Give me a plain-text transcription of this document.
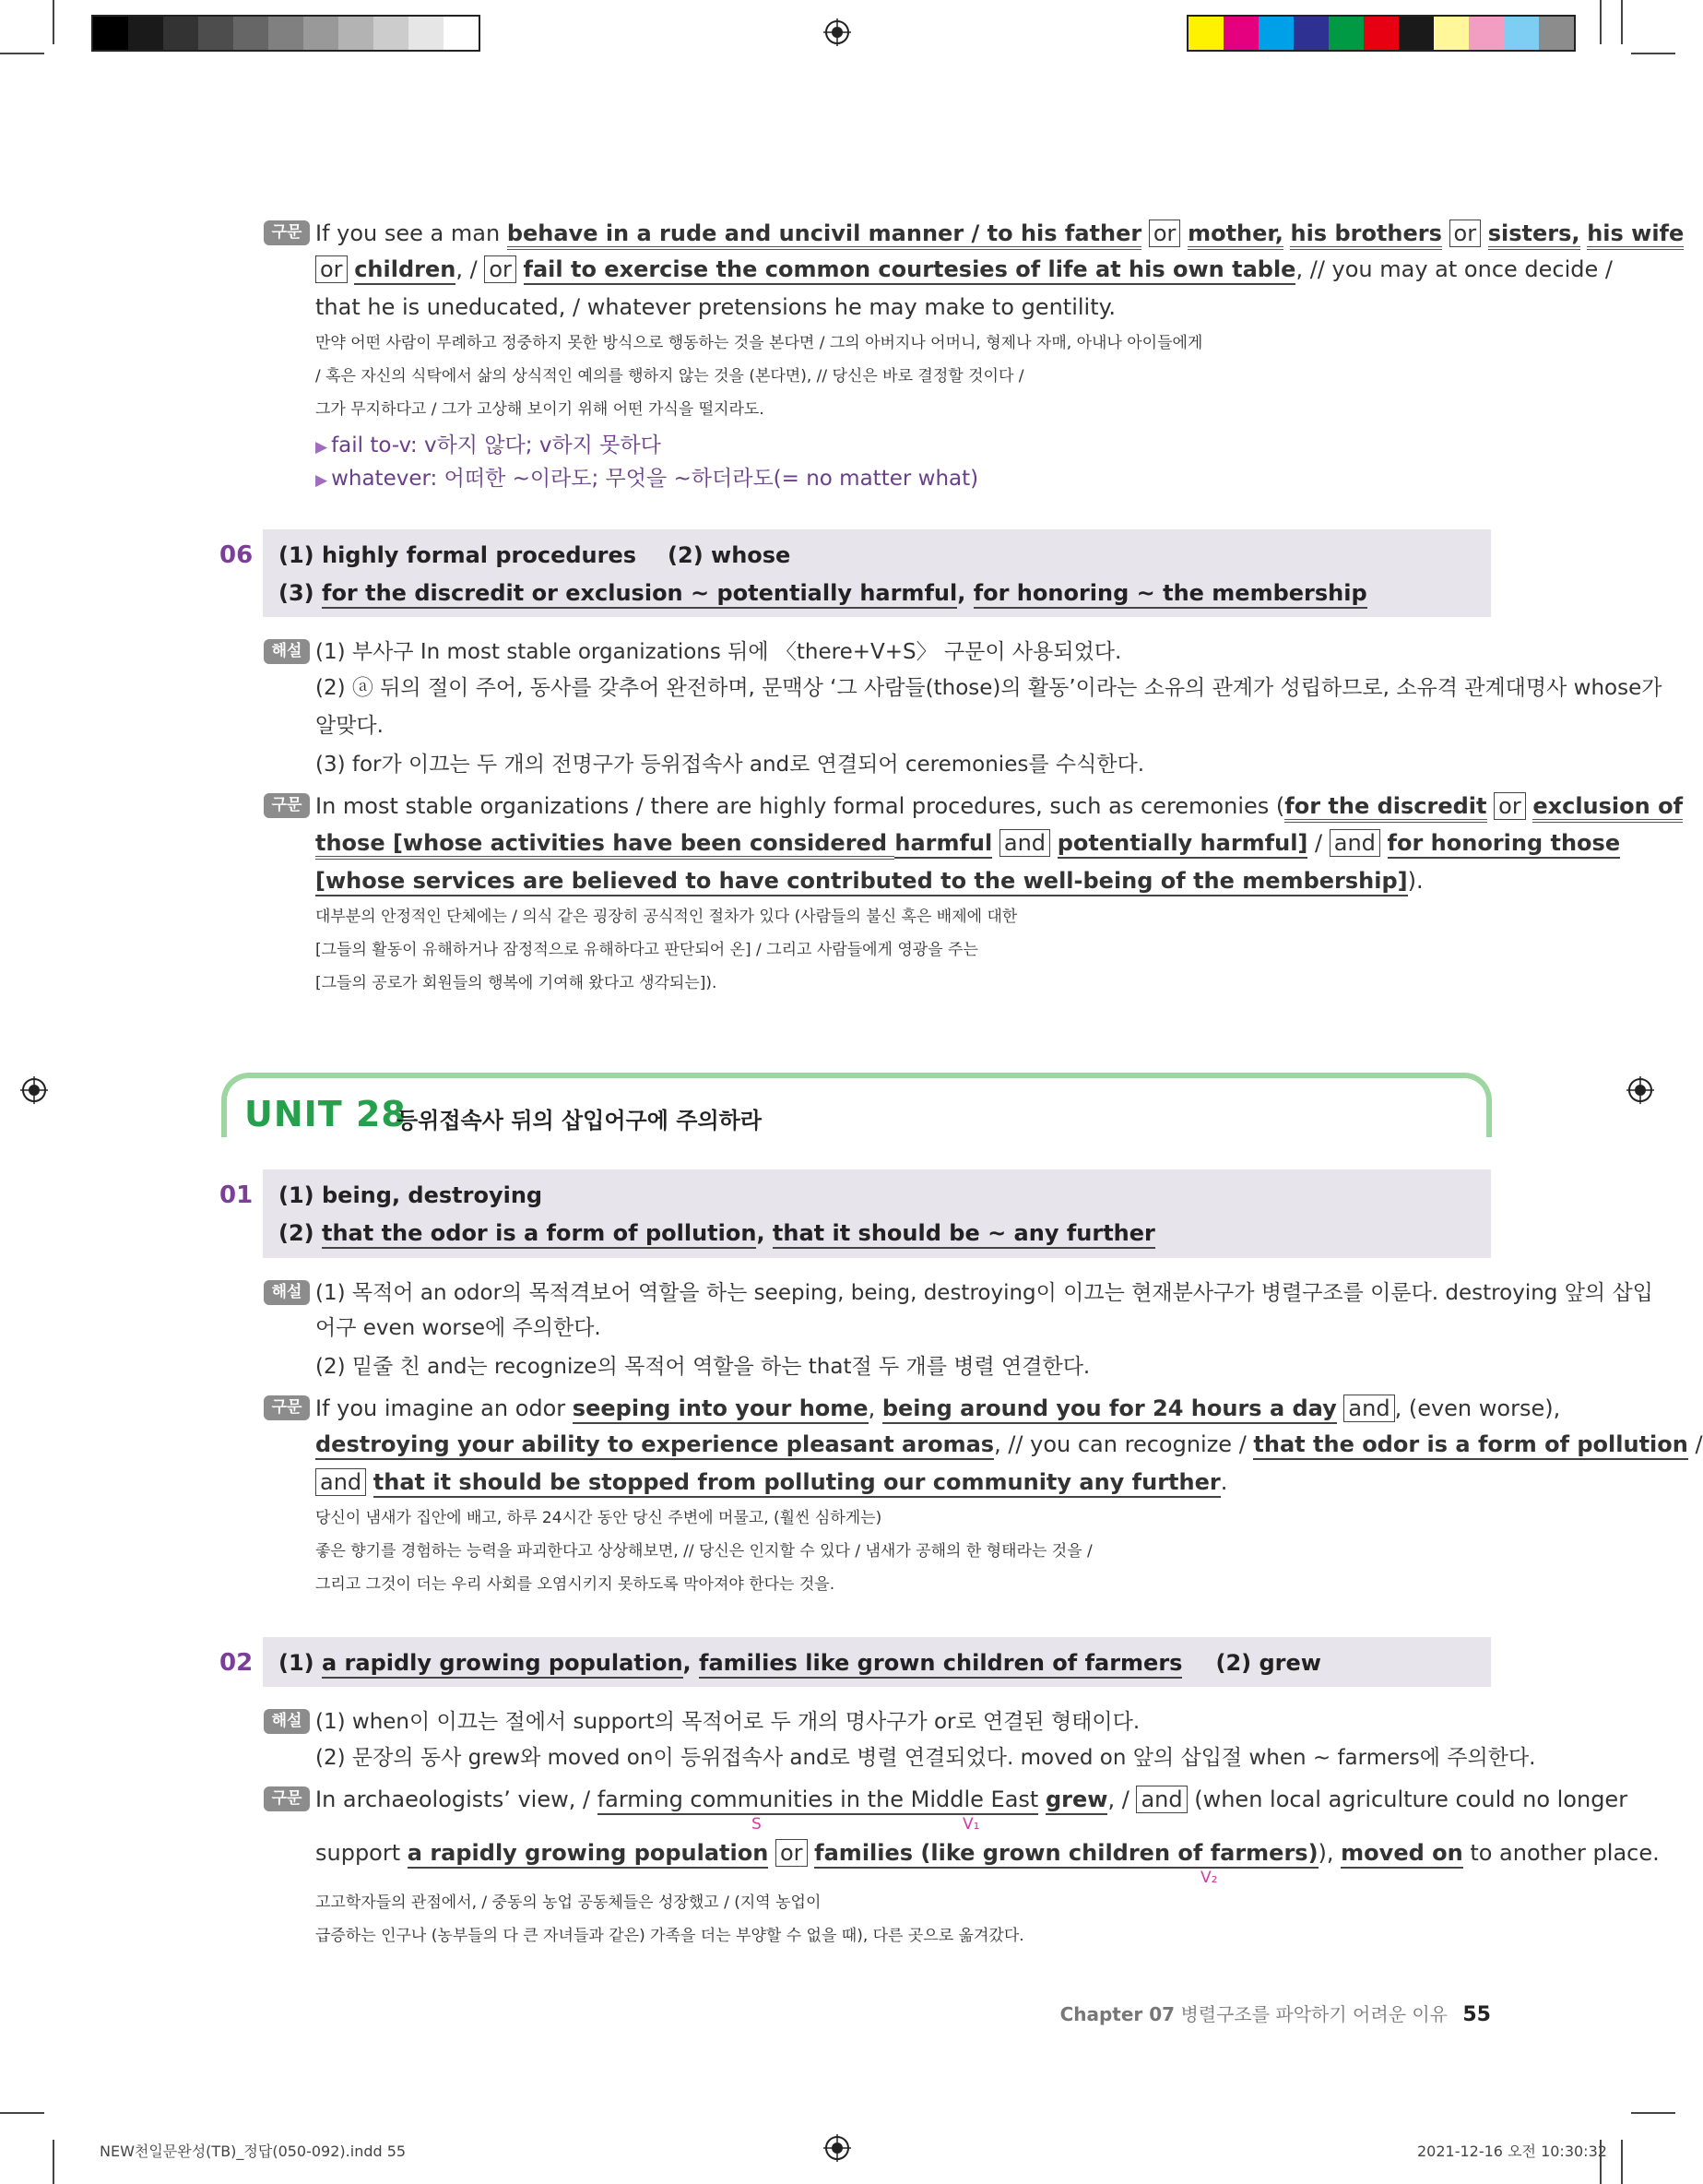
구문 If you see a man behave in a rude and uncivil manner / to his father or mother, his brothers or sisters, his wife
or children, / or fail to exercise the common courtesies of life at his own table, // you may at once decide /
that he is uneducated, / whatever pretensions he may make to gentility.
만약 어떤 사람이 무례하고 정중하지 못한 방식으로 행동하는 것을 본다면 / 그의 아버지나 어머니, 형제나 자매, 아내나 아이들에게
/ 혹은 자신의 식탁에서 삶의 상식적인 예의를 행하지 않는 것을 (본다면), // 당신은 바로 결정할 것이다 /
그가 무지하다고 / 그가 고상해 보이기 위해 어떤 가식을 떨지라도.
▶ fail to-v: v하지 않다; v하지 못하다
▶ whatever: 어떠한 ~이라도; 무엇을 ~하더라도(= no matter what)
06 (1) highly formal procedures (2) whose
(3) for the discredit or exclusion ~ potentially harmful, for honoring ~ the membership
해설 (1) 부사구 In most stable organizations 뒤에 〈there+V+S〉 구문이 사용되었다.
(2) ⓐ 뒤의 절이 주어, 동사를 갖추어 완전하며, 문맥상 ‘그 사람들(those)의 활동’이라는 소유의 관계가 성립하므로, 소유격 관계대명사 whose가
알맞다.
(3) for가 이끄는 두 개의 전명구가 등위접속사 and로 연결되어 ceremonies를 수식한다.
구문 In most stable organizations / there are highly formal procedures, such as ceremonies (for the discredit or exclusion of
those [whose activities have been considered harmful and potentially harmful] / and for honoring those
[whose services are believed to have contributed to the well-being of the membership]).
대부분의 안정적인 단체에는 / 의식 같은 굉장히 공식적인 절차가 있다 (사람들의 불신 혹은 배제에 대한
[그들의 활동이 유해하거나 잠정적으로 유해하다고 판단되어 온] / 그리고 사람들에게 영광을 주는
[그들의 공로가 회원들의 행복에 기여해 왔다고 생각되는]).
UNIT 28
등위접속사 뒤의 삽입어구에 주의하라
01 (1) being, destroying
(2) that the odor is a form of pollution, that it should be ~ any further
해설 (1) 목적어 an odor의 목적격보어 역할을 하는 seeping, being, destroying이 이끄는 현재분사구가 병렬구조를 이룬다. destroying 앞의 삽입
어구 even worse에 주의한다.
(2) 밑줄 친 and는 recognize의 목적어 역할을 하는 that절 두 개를 병렬 연결한다.
구문 If you imagine an odor seeping into your home, being around you for 24 hours a day and , (even worse),
destroying your ability to experience pleasant aromas, // you can recognize / that the odor is a form of pollution /
and that it should be stopped from polluting our community any further.
당신이 냄새가 집안에 배고, 하루 24시간 동안 당신 주변에 머물고, (훨씬 심하게는)
좋은 향기를 경험하는 능력을 파괴한다고 상상해보면, // 당신은 인지할 수 있다 / 냄새가 공해의 한 형태라는 것을 /
그리고 그것이 더는 우리 사회를 오염시키지 못하도록 막아져야 한다는 것을.
02 (1) a rapidly growing population, families like grown children of farmers (2) grew
해설 (1) when이 이끄는 절에서 support의 목적어로 두 개의 명사구가 or로 연결된 형태이다.
(2) 문장의 동사 grew와 moved on이 등위접속사 and로 병렬 연결되었다. moved on 앞의 삽입절 when ~ farmers에 주의한다.
구문 In archaeologists’ view, / farming communities in the Middle East grew, / and (when local agriculture could no longer
S	V₁
support a rapidly growing population or families (like grown children of farmers)), moved on to another place.
V₂
고고학자들의 관점에서, / 중동의 농업 공동체들은 성장했고 / (지역 농업이
급증하는 인구나 (농부들의 다 큰 자녀들과 같은) 가족을 더는 부양할 수 없을 때), 다른 곳으로 옮겨갔다.
Chapter 07 병렬구조를 파악하기 어려운 이유 55
NEW천일문완성(TB)_정답(050-092).indd 55	2021-12-16 오전 10:30:32
